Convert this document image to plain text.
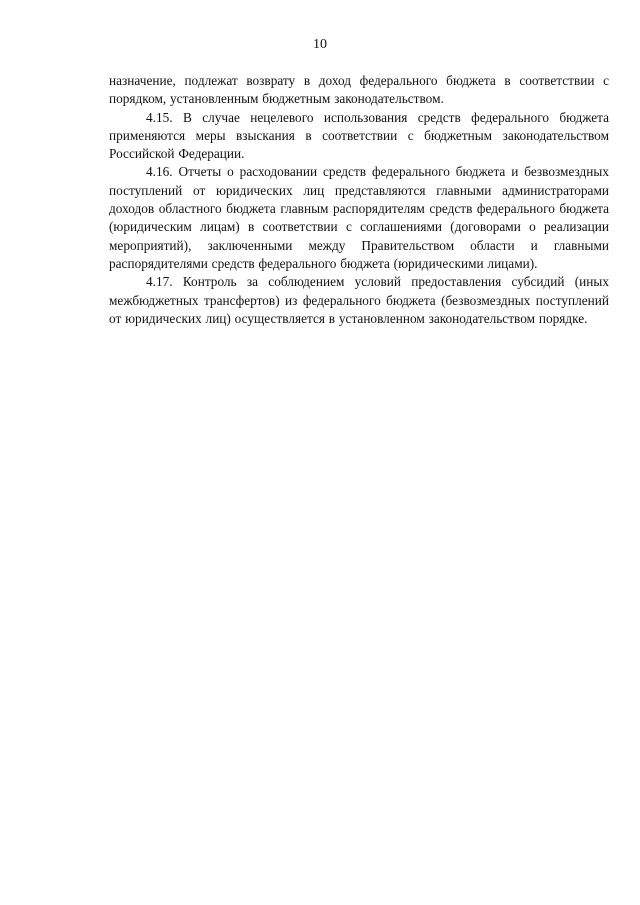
10

назначение, подлежат возврату в доход федерального бюджета в соответствии с порядком, установленным бюджетным законодательством.

4.15. В случае нецелевого использования средств федерального бюджета применяются меры взыскания в соответствии с бюджетным законодательством Российской Федерации.

4.16. Отчеты о расходовании средств федерального бюджета и безвозмездных поступлений от юридических лиц представляются главными администраторами доходов областного бюджета главным распорядителям средств федерального бюджета (юридическим лицам) в соответствии с соглашениями (договорами о реализации мероприятий), заключенными между Правительством области и главными распорядителями средств федерального бюджета (юридическими лицами).

4.17. Контроль за соблюдением условий предоставления субсидий (иных межбюджетных трансфертов) из федерального бюджета (безвозмездных поступлений от юридических лиц) осуществляется в установленном законодательством порядке.
